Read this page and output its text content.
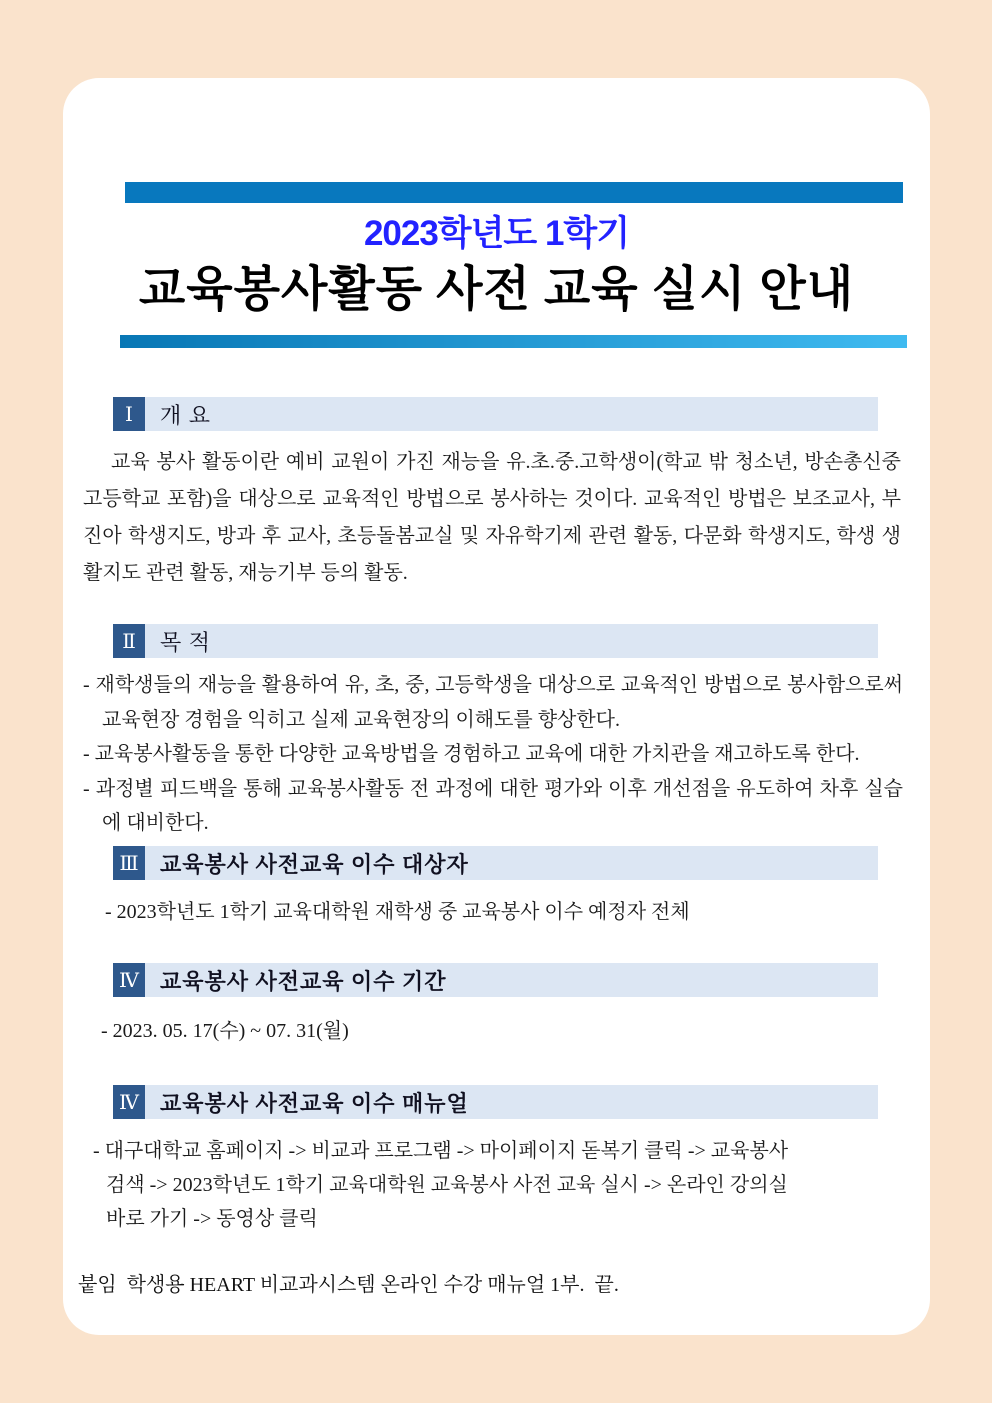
2023학년도 1학기
교육봉사활동 사전 교육 실시 안내
Ⅰ	개 요
교육 봉사 활동이란 예비 교원이 가진 재능을 유.초.중.고학생이(학교 밖 청소년, 방손총신중고등학교 포함)을 대상으로 교육적인 방법으로 봉사하는 것이다. 교육적인 방법은 보조교사, 부진아 학생지도, 방과 후 교사, 초등돌봄교실 및 자유학기제 관련 활동, 다문화 학생지도, 학생 생활지도 관련 활동, 재능기부 등의 활동.
Ⅱ	목 적
- 재학생들의 재능을 활용하여 유, 초, 중, 고등학생을 대상으로 교육적인 방법으로 봉사함으로써 교육현장 경험을 익히고 실제 교육현장의 이해도를 향상한다.
- 교육봉사활동을 통한 다양한 교육방법을 경험하고 교육에 대한 가치관을 재고하도록 한다.
- 과정별 피드백을 통해 교육봉사활동 전 과정에 대한 평가와 이후 개선점을 유도하여 차후 실습에 대비한다.
Ⅲ 교육봉사 사전교육 이수 대상자
- 2023학년도 1학기 교육대학원 재학생 중 교육봉사 이수 예정자 전체
Ⅳ 교육봉사 사전교육 이수 기간
- 2023. 05. 17(수) ~ 07. 31(월)
Ⅳ 교육봉사 사전교육 이수 매뉴얼
- 대구대학교 홈페이지 -> 비교과 프로그램 -> 마이페이지 돋복기 클릭 -> 교육봉사
검색 -> 2023학년도 1학기 교육대학원 교육봉사 사전 교육 실시 -> 온라인 강의실
바로 가기 -> 동영상 클릭
붙임  학생용 HEART 비교과시스템 온라인 수강 매뉴얼 1부.  끝.
